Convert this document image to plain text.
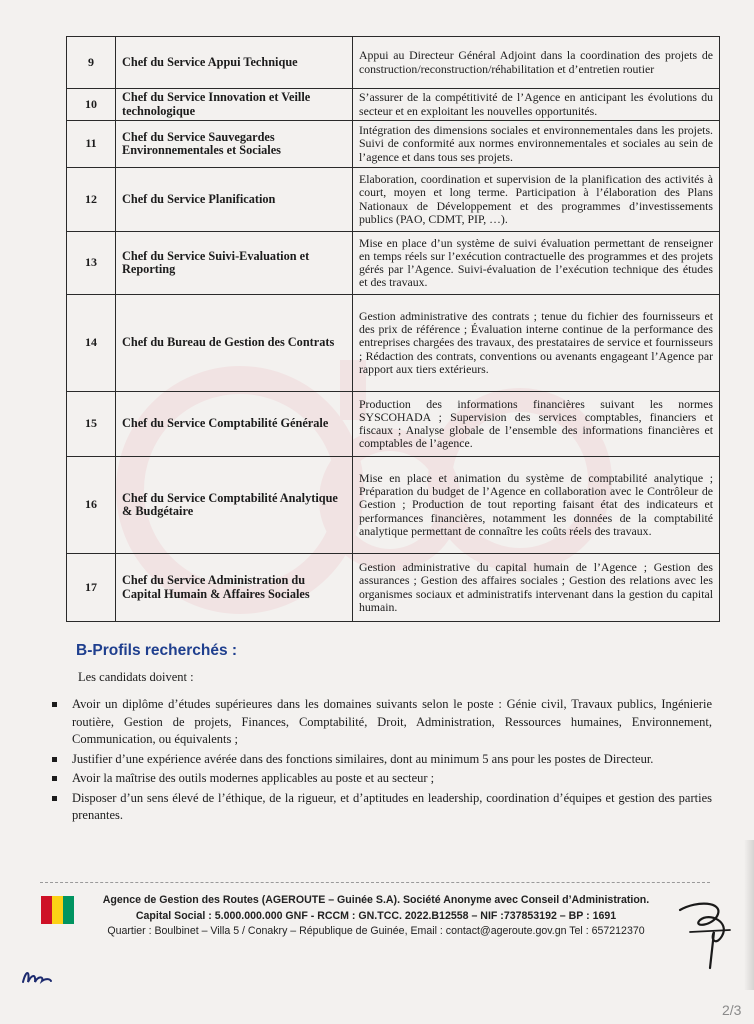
9	Chef du Service Appui Technique	Appui au Directeur Général Adjoint dans la coordination des projets de construction/reconstruction/réhabilitation et d’entretien routier
10	Chef du Service Innovation et Veille technologique	S’assurer de la compétitivité de l’Agence en anticipant les évolutions du secteur et en exploitant les nouvelles opportunités.
11	Chef du Service Sauvegardes Environnementales et Sociales	Intégration des dimensions sociales et environnementales dans les projets. Suivi de conformité aux normes environnementales et sociales au sein de l’agence et dans tous ses projets.
12	Chef du Service Planification	Elaboration, coordination et supervision de la planification des activités à court, moyen et long terme. Participation à l’élaboration des Plans Nationaux de Développement et des programmes d’investissements publics (PAO, CDMT, PIP, …).
13	Chef du Service Suivi-Evaluation et Reporting	Mise en place d’un système de suivi évaluation permettant de renseigner en temps réels sur l’exécution contractuelle des programmes et des projets gérés par l’Agence. Suivi-évaluation de l’exécution technique des études et des travaux.
14	Chef du Bureau de Gestion des Contrats	Gestion administrative des contrats ; tenue du fichier des fournisseurs et des prix de référence ; Évaluation interne continue de la performance des entreprises chargées des travaux, des prestataires de service et fournisseurs ; Rédaction des contrats, conventions ou avenants engageant l’Agence par rapport aux tiers extérieurs.
15	Chef du Service Comptabilité Générale	Production des informations financières suivant les normes SYSCOHADA ; Supervision des services comptables, financiers et fiscaux ; Analyse globale de l’ensemble des informations financières et comptables de l’agence.
16	Chef du Service Comptabilité Analytique & Budgétaire	Mise en place et animation du système de comptabilité analytique ; Préparation du budget de l’Agence en collaboration avec le Contrôleur de Gestion ; Production de tout reporting faisant état des indicateurs et performances financières, notamment les données de la comptabilité analytique permettant de connaître les coûts réels des travaux.
17	Chef du Service Administration du Capital Humain & Affaires Sociales	Gestion administrative du capital humain de l’Agence ; Gestion des assurances ; Gestion des affaires sociales ; Gestion des relations avec les organismes sociaux et administratifs intervenant dans la gestion du capital humain.
B-Profils recherchés :
Les candidats doivent :
Avoir un diplôme d’études supérieures dans les domaines suivants selon le poste : Génie civil, Travaux publics, Ingénierie routière, Gestion de projets, Finances, Comptabilité, Droit, Administration, Ressources humaines, Environnement, Communication, ou équivalents ;
Justifier d’une expérience avérée dans des fonctions similaires, dont au minimum 5 ans pour les postes de Directeur.
Avoir la maîtrise des outils modernes applicables au poste et au secteur ;
Disposer d’un sens élevé de l’éthique, de la rigueur, et d’aptitudes en leadership, coordination d’équipes et gestion des parties prenantes.
Agence de Gestion des Routes (AGEROUTE – Guinée S.A). Société Anonyme avec Conseil d’Administration.
Capital Social : 5.000.000.000 GNF - RCCM : GN.TCC. 2022.B12558 – NIF :737853192 – BP : 1691
Quartier : Boulbinet – Villa 5 / Conakry – République de Guinée, Email : contact@ageroute.gov.gn Tel : 657212370
2/3
